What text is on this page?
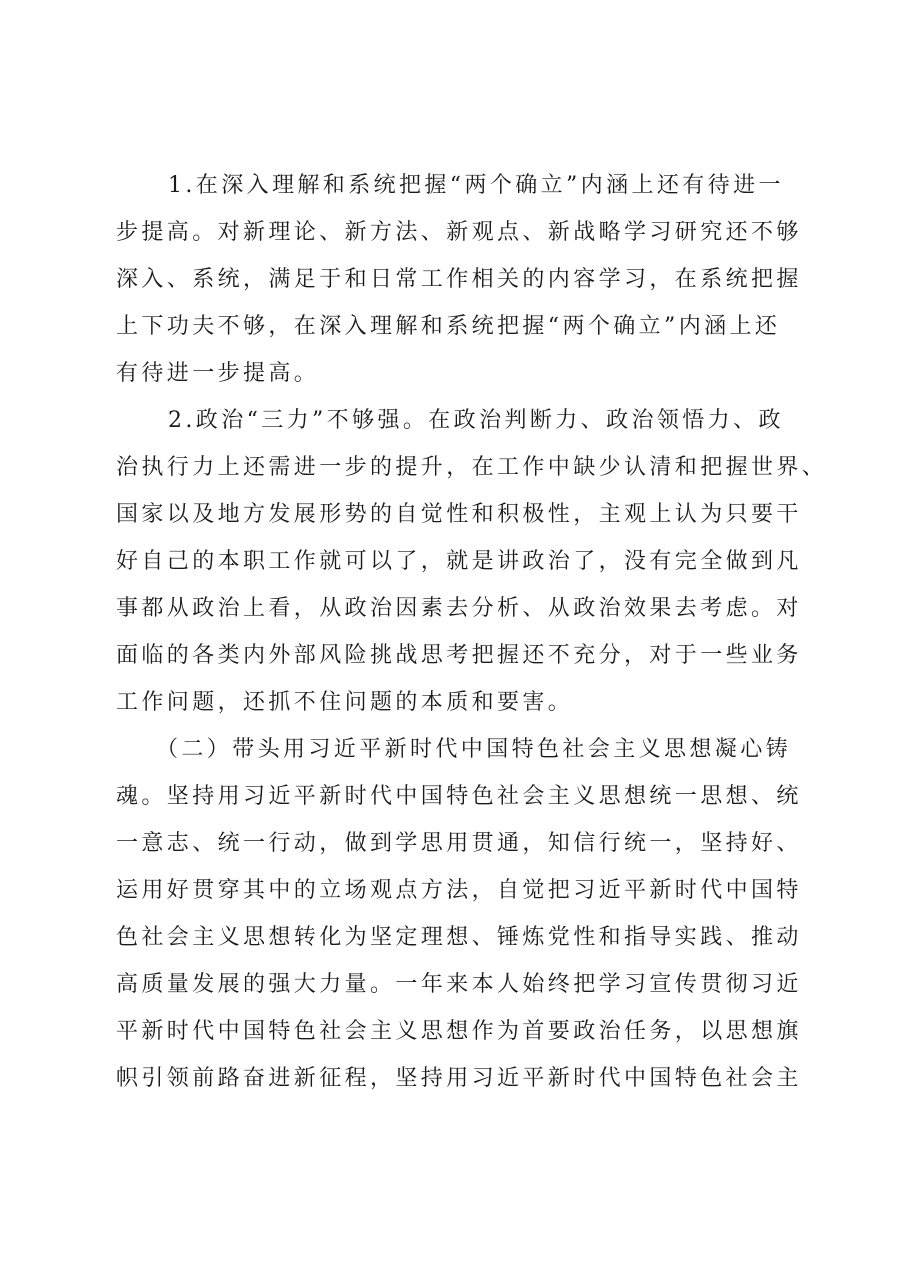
1.在深入理解和系统把握“两个确立”内涵上还有待进一
步提高。对新理论、新方法、新观点、新战略学习研究还不够
深入、系统，满足于和日常工作相关的内容学习，在系统把握
上下功夫不够，在深入理解和系统把握“两个确立”内涵上还
有待进一步提高。
2.政治“三力”不够强。在政治判断力、政治领悟力、政
治执行力上还需进一步的提升，在工作中缺少认清和把握世界、
国家以及地方发展形势的自觉性和积极性，主观上认为只要干
好自己的本职工作就可以了，就是讲政治了，没有完全做到凡
事都从政治上看，从政治因素去分析、从政治效果去考虑。对
面临的各类内外部风险挑战思考把握还不充分，对于一些业务
工作问题，还抓不住问题的本质和要害。
（二）带头用习近平新时代中国特色社会主义思想凝心铸
魂。坚持用习近平新时代中国特色社会主义思想统一思想、统
一意志、统一行动，做到学思用贯通，知信行统一，坚持好、
运用好贯穿其中的立场观点方法，自觉把习近平新时代中国特
色社会主义思想转化为坚定理想、锤炼党性和指导实践、推动
高质量发展的强大力量。一年来本人始终把学习宣传贯彻习近
平新时代中国特色社会主义思想作为首要政治任务，以思想旗
帜引领前路奋进新征程，坚持用习近平新时代中国特色社会主
